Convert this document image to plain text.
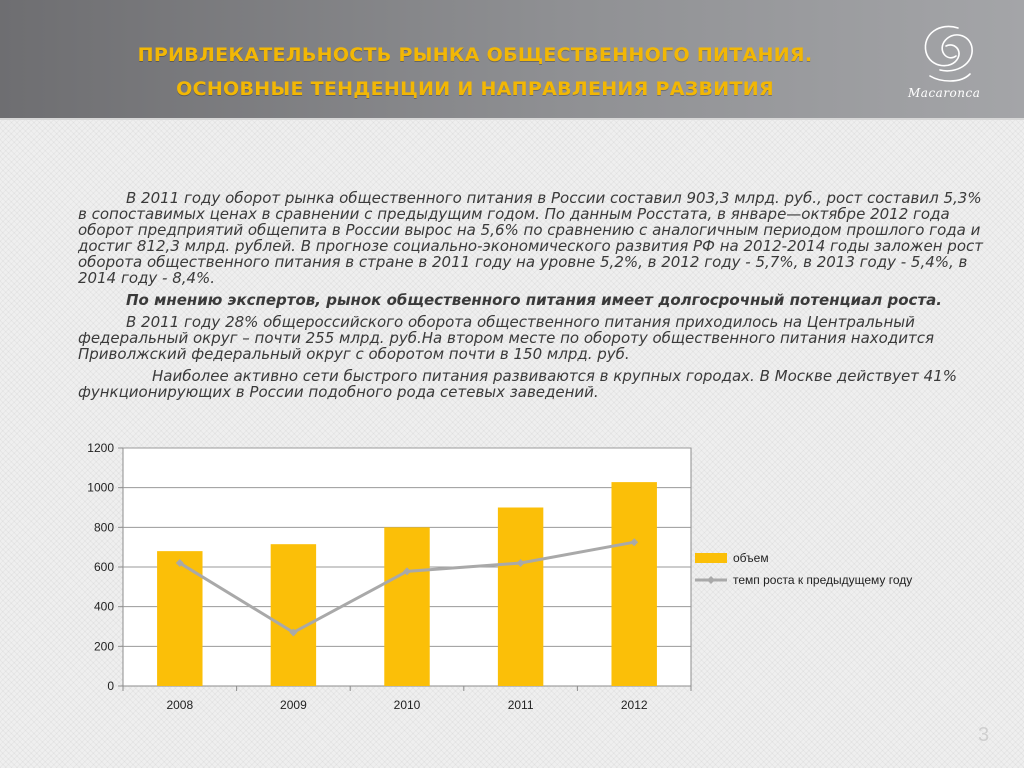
ПРИВЛЕКАТЕЛЬНОСТЬ РЫНКА ОБЩЕСТВЕННОГО ПИТАНИЯ.
ОСНОВНЫЕ ТЕНДЕНЦИИ И НАПРАВЛЕНИЯ РАЗВИТИЯ	Macaronca

В 2011 году оборот рынка общественного питания в России составил 903,3 млрд. руб., рост составил 5,3% в сопоставимых ценах в сравнении с предыдущим годом. По данным Росстата, в январе—октябре 2012 года оборот предприятий общепита в России вырос на 5,6% по сравнению с аналогичным периодом прошлого года и достиг 812,3 млрд. рублей. В прогнозе социально-экономического развития РФ на 2012-2014 годы заложен рост оборота общественного питания в стране в 2011 году на уровне 5,2%, в 2012 году - 5,7%, в 2013 году - 5,4%, в 2014 году - 8,4%.

По мнению экспертов, рынок общественного питания имеет долгосрочный потенциал роста.

В 2011 году 28% общероссийского оборота общественного питания приходилось на Центральный федеральный округ – почти 255 млрд. руб.На втором месте по обороту общественного питания находится Приволжский федеральный округ с оборотом почти в 150 млрд. руб.

Наиболее активно сети быстрого питания развиваются в крупных городах. В Москве действует 41% функционирующих в России подобного рода сетевых заведений.

0
200
400
600
800
1000
1200
2008	2009	2010	2011	2012
объем
темп роста к предыдущему году
3
